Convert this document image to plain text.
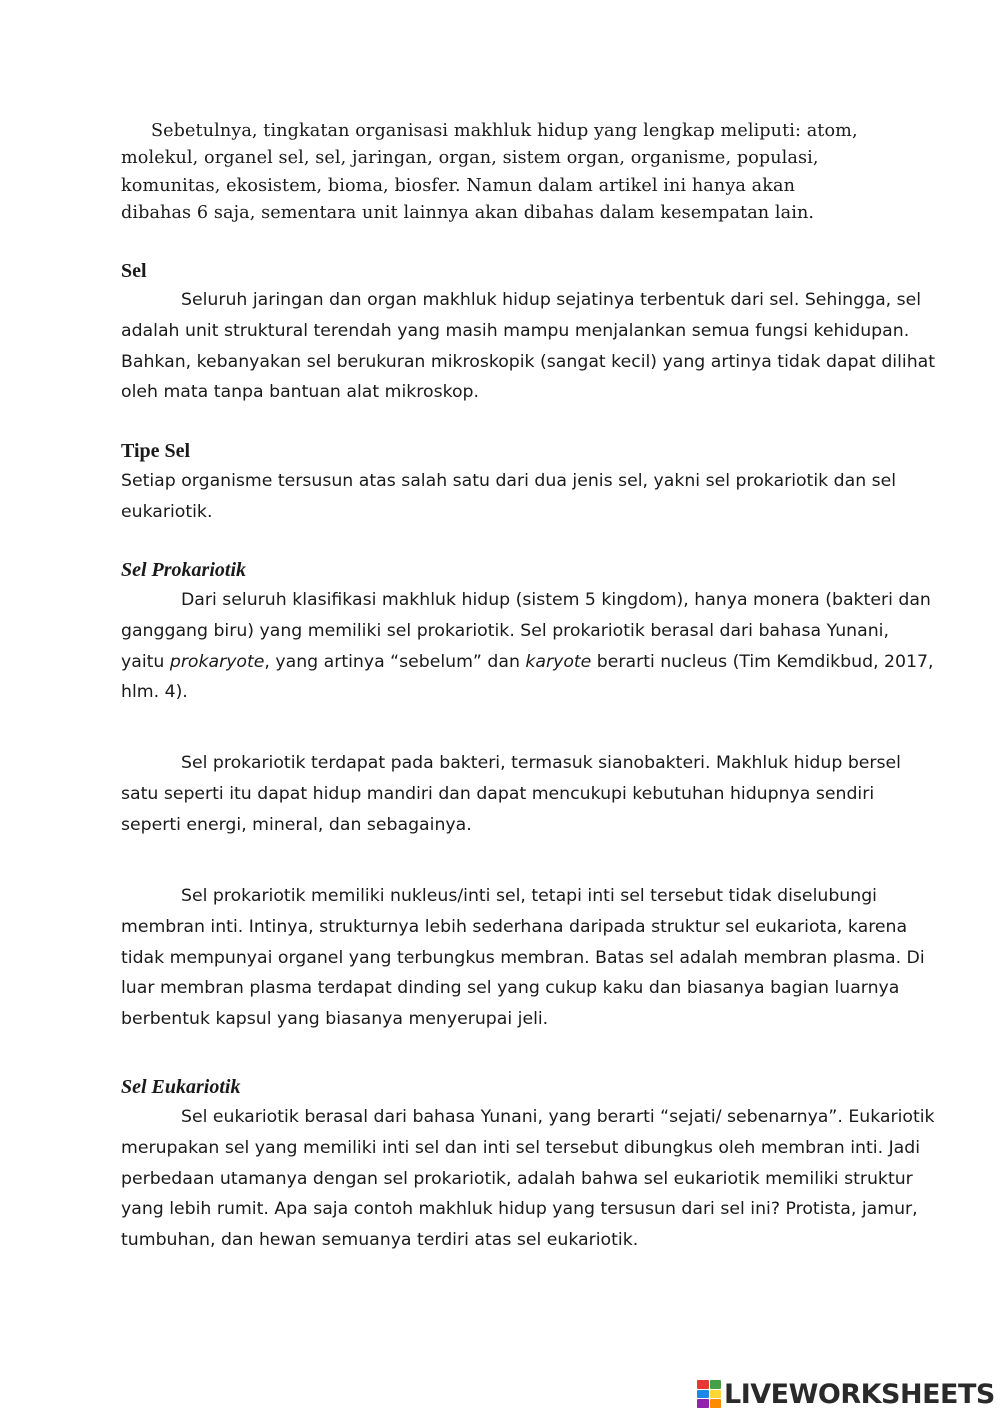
Sebetulnya, tingkatan organisasi makhluk hidup yang lengkap meliputi: atom,
molekul, organel sel, sel, jaringan, organ, sistem organ, organisme, populasi,
komunitas, ekosistem, bioma, biosfer. Namun dalam artikel ini hanya akan
dibahas 6 saja, sementara unit lainnya akan dibahas dalam kesempatan lain.
Sel
Seluruh jaringan dan organ makhluk hidup sejatinya terbentuk dari sel. Sehingga, sel
adalah unit struktural terendah yang masih mampu menjalankan semua fungsi kehidupan.
Bahkan, kebanyakan sel berukuran mikroskopik (sangat kecil) yang artinya tidak dapat dilihat
oleh mata tanpa bantuan alat mikroskop.
Tipe Sel
Setiap organisme tersusun atas salah satu dari dua jenis sel, yakni sel prokariotik dan sel
eukariotik.
Sel Prokariotik
Dari seluruh klasifikasi makhluk hidup (sistem 5 kingdom), hanya monera (bakteri dan
ganggang biru) yang memiliki sel prokariotik. Sel prokariotik berasal dari bahasa Yunani,
yaitu prokaryote, yang artinya “sebelum” dan karyote berarti nucleus (Tim Kemdikbud, 2017,
hlm. 4).
Sel prokariotik terdapat pada bakteri, termasuk sianobakteri. Makhluk hidup bersel
satu seperti itu dapat hidup mandiri dan dapat mencukupi kebutuhan hidupnya sendiri
seperti energi, mineral, dan sebagainya.
Sel prokariotik memiliki nukleus/inti sel, tetapi inti sel tersebut tidak diselubungi
membran inti. Intinya, strukturnya lebih sederhana daripada struktur sel eukariota, karena
tidak mempunyai organel yang terbungkus membran. Batas sel adalah membran plasma. Di
luar membran plasma terdapat dinding sel yang cukup kaku dan biasanya bagian luarnya
berbentuk kapsul yang biasanya menyerupai jeli.
Sel Eukariotik
Sel eukariotik berasal dari bahasa Yunani, yang berarti “sejati/ sebenarnya”. Eukariotik
merupakan sel yang memiliki inti sel dan inti sel tersebut dibungkus oleh membran inti. Jadi
perbedaan utamanya dengan sel prokariotik, adalah bahwa sel eukariotik memiliki struktur
yang lebih rumit. Apa saja contoh makhluk hidup yang tersusun dari sel ini? Protista, jamur,
tumbuhan, dan hewan semuanya terdiri atas sel eukariotik.
LIVEWORKSHEETS
